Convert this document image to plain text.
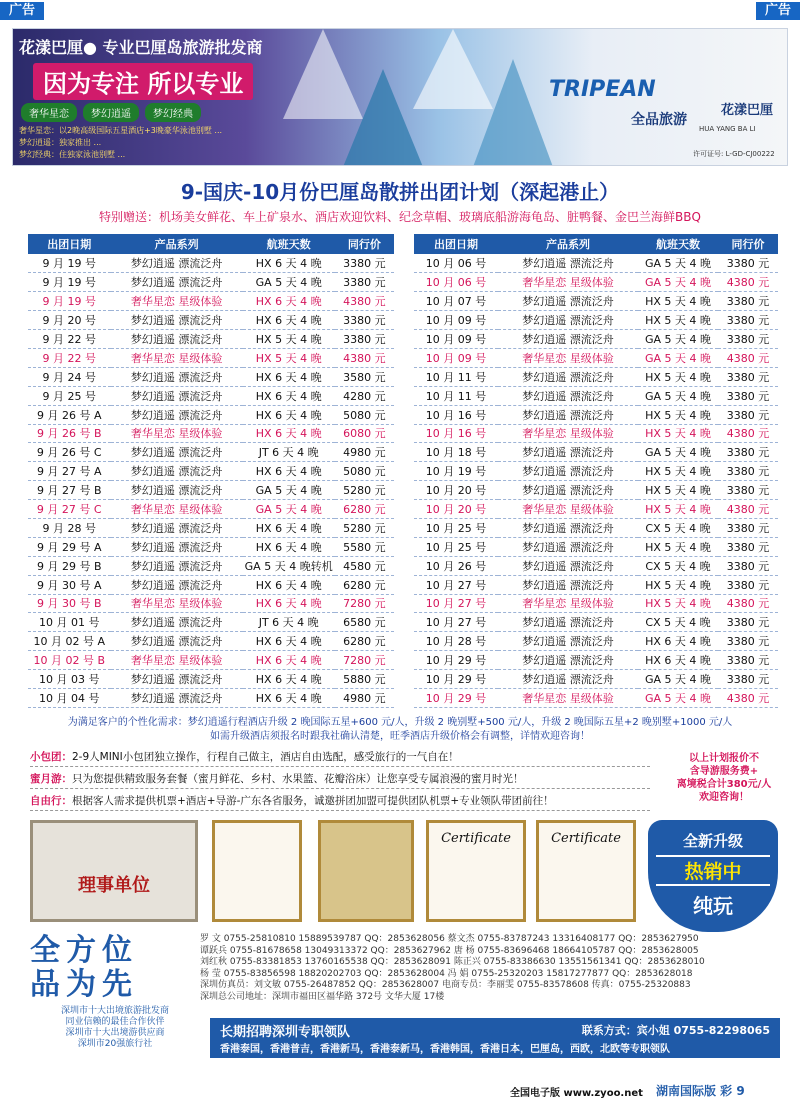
广告	广告
花漾巴厘● 专业巴厘岛旅游批发商
因为专注 所以专业
奢华星恋	梦幻逍遥	梦幻经典
奢华星恋：以2晚高级国际五星酒店+3晚豪华泳池别墅 ...
梦幻逍遥：独家推出 ...
梦幻经典：住独家泳池别墅 ...
TRIPEAN
全品旅游
花漾巴厘
HUA YANG BA LI
许可证号: L-GD-CJ00222
9-国庆-10月份巴厘岛散拼出团计划（深起港止）
特别赠送：机场美女鲜花、车上矿泉水、酒店欢迎饮料、纪念草帽、玻璃底船游海龟岛、脏鸭餐、金巴兰海鲜BBQ
出团日期	产品系列	航班天数	同行价
9 月 19 号	梦幻逍遥 漂流泛舟	HX 6 天 4 晚	3380 元
9 月 19 号	梦幻逍遥 漂流泛舟	GA 5 天 4 晚	3380 元
9 月 19 号	奢华星恋 星级体验	HX 6 天 4 晚	4380 元
9 月 20 号	梦幻逍遥 漂流泛舟	HX 6 天 4 晚	3380 元
9 月 22 号	梦幻逍遥 漂流泛舟	HX 5 天 4 晚	3380 元
9 月 22 号	奢华星恋 星级体验	HX 5 天 4 晚	4380 元
9 月 24 号	梦幻逍遥 漂流泛舟	HX 6 天 4 晚	3580 元
9 月 25 号	梦幻逍遥 漂流泛舟	HX 6 天 4 晚	4280 元
9 月 26 号 A	梦幻逍遥 漂流泛舟	HX 6 天 4 晚	5080 元
9 月 26 号 B	奢华星恋 星级体验	HX 6 天 4 晚	6080 元
9 月 26 号 C	梦幻逍遥 漂流泛舟	JT 6 天 4 晚	4980 元
9 月 27 号 A	梦幻逍遥 漂流泛舟	HX 6 天 4 晚	5080 元
9 月 27 号 B	梦幻逍遥 漂流泛舟	GA 5 天 4 晚	5280 元
9 月 27 号 C	奢华星恋 星级体验	GA 5 天 4 晚	6280 元
9 月 28 号	梦幻逍遥 漂流泛舟	HX 6 天 4 晚	5280 元
9 月 29 号 A	梦幻逍遥 漂流泛舟	HX 6 天 4 晚	5580 元
9 月 29 号 B	梦幻逍遥 漂流泛舟	GA 5 天 4 晚转机	4580 元
9 月 30 号 A	梦幻逍遥 漂流泛舟	HX 6 天 4 晚	6280 元
9 月 30 号 B	奢华星恋 星级体验	HX 6 天 4 晚	7280 元
10 月 01 号	梦幻逍遥 漂流泛舟	JT 6 天 4 晚	6580 元
10 月 02 号 A	梦幻逍遥 漂流泛舟	HX 6 天 4 晚	6280 元
10 月 02 号 B	奢华星恋 星级体验	HX 6 天 4 晚	7280 元
10 月 03 号	梦幻逍遥 漂流泛舟	HX 6 天 4 晚	5880 元
10 月 04 号	梦幻逍遥 漂流泛舟	HX 6 天 4 晚	4980 元
出团日期	产品系列	航班天数	同行价
10 月 06 号	梦幻逍遥 漂流泛舟	GA 5 天 4 晚	3380 元
10 月 06 号	奢华星恋 星级体验	GA 5 天 4 晚	4380 元
10 月 07 号	梦幻逍遥 漂流泛舟	HX 5 天 4 晚	3380 元
10 月 09 号	梦幻逍遥 漂流泛舟	HX 5 天 4 晚	3380 元
10 月 09 号	梦幻逍遥 漂流泛舟	GA 5 天 4 晚	3380 元
10 月 09 号	奢华星恋 星级体验	GA 5 天 4 晚	4380 元
10 月 11 号	梦幻逍遥 漂流泛舟	HX 5 天 4 晚	3380 元
10 月 11 号	梦幻逍遥 漂流泛舟	GA 5 天 4 晚	3380 元
10 月 16 号	梦幻逍遥 漂流泛舟	HX 5 天 4 晚	3380 元
10 月 16 号	奢华星恋 星级体验	HX 5 天 4 晚	4380 元
10 月 18 号	梦幻逍遥 漂流泛舟	GA 5 天 4 晚	3380 元
10 月 19 号	梦幻逍遥 漂流泛舟	HX 5 天 4 晚	3380 元
10 月 20 号	梦幻逍遥 漂流泛舟	HX 5 天 4 晚	3380 元
10 月 20 号	奢华星恋 星级体验	HX 5 天 4 晚	4380 元
10 月 25 号	梦幻逍遥 漂流泛舟	CX 5 天 4 晚	3380 元
10 月 25 号	梦幻逍遥 漂流泛舟	HX 5 天 4 晚	3380 元
10 月 26 号	梦幻逍遥 漂流泛舟	CX 5 天 4 晚	3380 元
10 月 27 号	梦幻逍遥 漂流泛舟	HX 5 天 4 晚	3380 元
10 月 27 号	奢华星恋 星级体验	HX 5 天 4 晚	4380 元
10 月 27 号	梦幻逍遥 漂流泛舟	CX 5 天 4 晚	3380 元
10 月 28 号	梦幻逍遥 漂流泛舟	HX 6 天 4 晚	3380 元
10 月 29 号	梦幻逍遥 漂流泛舟	HX 6 天 4 晚	3380 元
10 月 29 号	梦幻逍遥 漂流泛舟	GA 5 天 4 晚	3380 元
10 月 29 号	奢华星恋 星级体验	GA 5 天 4 晚	4380 元
为满足客户的个性化需求：梦幻逍遥行程酒店升级 2 晚国际五星+600 元/人，升级 2 晚别墅+500 元/人，升级 2 晚国际五星+2 晚别墅+1000 元/人
如需升级酒店须报名时跟我社确认清楚，旺季酒店升级价格会有调整，详情欢迎咨询！
小包团：2-9人MINI小包团独立操作，行程自己做主，酒店自由选配，感受旅行的一气自在！
蜜月游：只为您提供精致服务套餐（蜜月鲜花、乡村、水果篮、花瓣浴床）让您享受专属浪漫的蜜月时光！
自由行：根据客人需求提供机票+酒店+导游-广东各省服务，诚邀拼团加盟可提供团队机票+专业领队带团前往！
以上计划报价不
含导游服务费+
离境税合计380元/人
欢迎咨询！
理事单位
Certificate	Certificate	全新升级
热销中
纯玩
全方位
品为先
深圳市十大出境旅游批发商
同业信赖的最佳合作伙伴
深圳市十大出境游供应商
深圳市20强旅行社
罗 文 0755-25810810 15889539787 QQ：2853628056 蔡文杰 0755-83787243 13316408177 QQ：2853627950
谭跃兵 0755-81678658 13049313372 QQ：2853627962 唐 杨 0755-83696468 18664105787 QQ：2853628005
刘红秋 0755-83381853 13760165538 QQ：2853628091 陈正兴 0755-83386630 13551561341 QQ：2853628010
杨 莹 0755-83856598 18820202703 QQ：2853628004 冯 娟 0755-25320203 15817277877 QQ：2853628018
深圳仿真员：刘文敏 0755-26487852 QQ：2853628007 电商专员：李丽雯 0755-83578608 传真：0755-25320883
深圳总公司地址：深圳市福田区福华路 372号 文华大厦 17楼
长期招聘深圳专职领队	联系方式：宾小姐 0755-82298065
香港泰国，香港普吉，香港新马，香港泰新马，香港韩国，香港日本，巴厘岛，西欧，北欧等专职领队
全国电子版 www.zyoo.net 湖南国际版 彩 9
